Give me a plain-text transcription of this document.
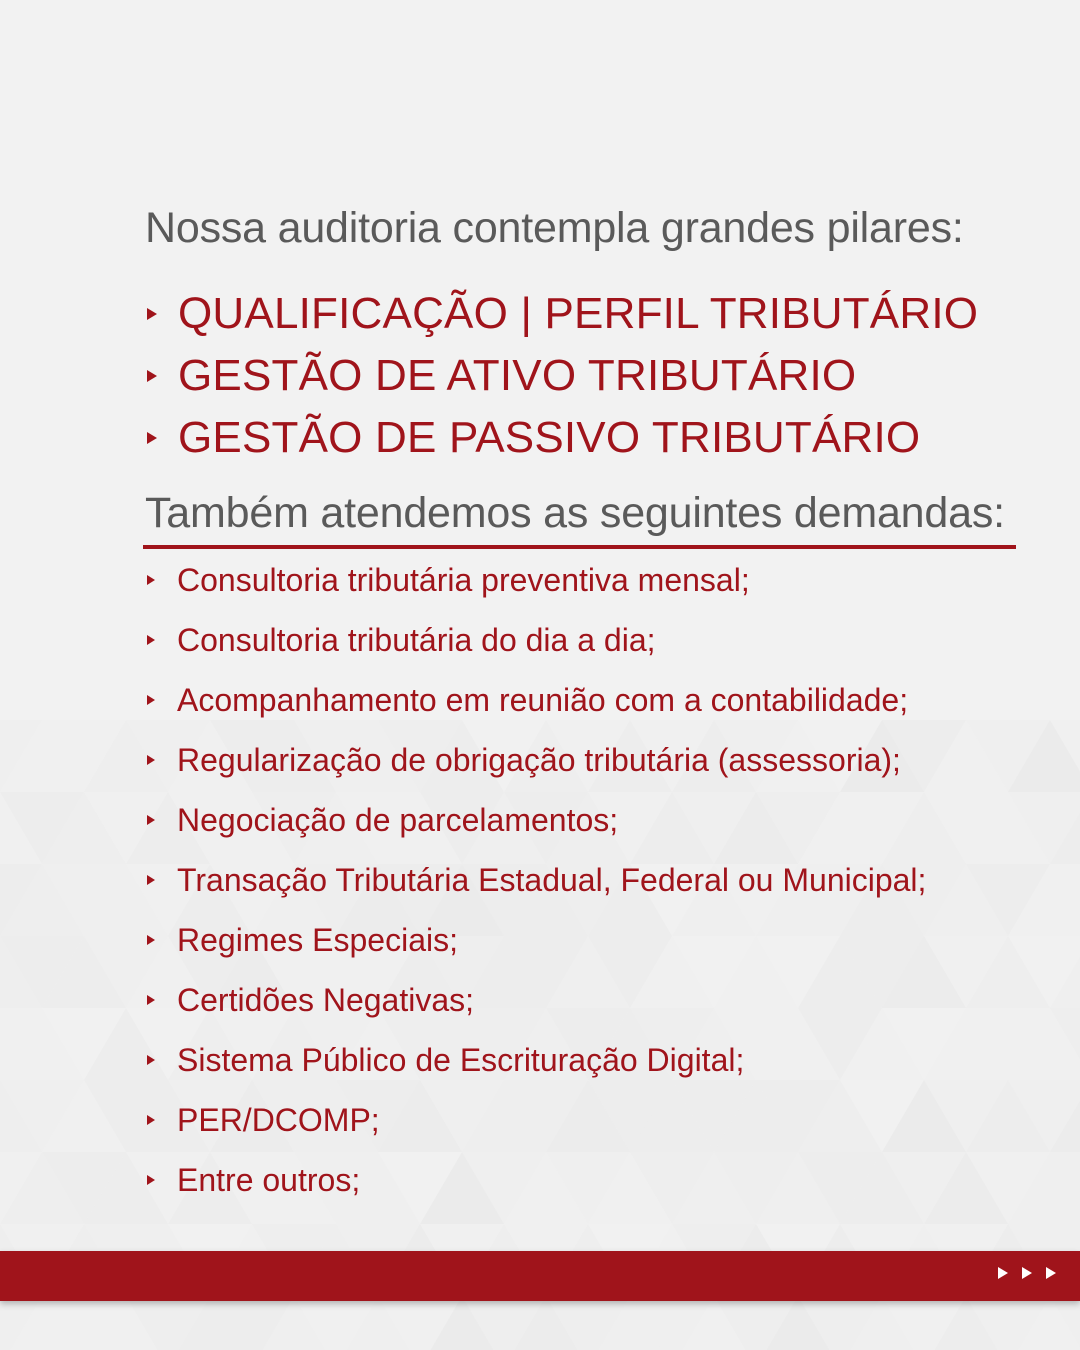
Nossa auditoria contempla grandes pilares:
QUALIFICAÇÃO | PERFIL TRIBUTÁRIO
GESTÃO DE ATIVO TRIBUTÁRIO
GESTÃO DE PASSIVO TRIBUTÁRIO
Também atendemos as seguintes demandas:
Consultoria tributária preventiva mensal;
Consultoria tributária do dia a dia;
Acompanhamento em reunião com a contabilidade;
Regularização de obrigação tributária (assessoria);
Negociação de parcelamentos;
Transação Tributária Estadual, Federal ou Municipal;
Regimes Especiais;
Certidões Negativas;
Sistema Público de Escrituração Digital;
PER/DCOMP;
Entre outros;
